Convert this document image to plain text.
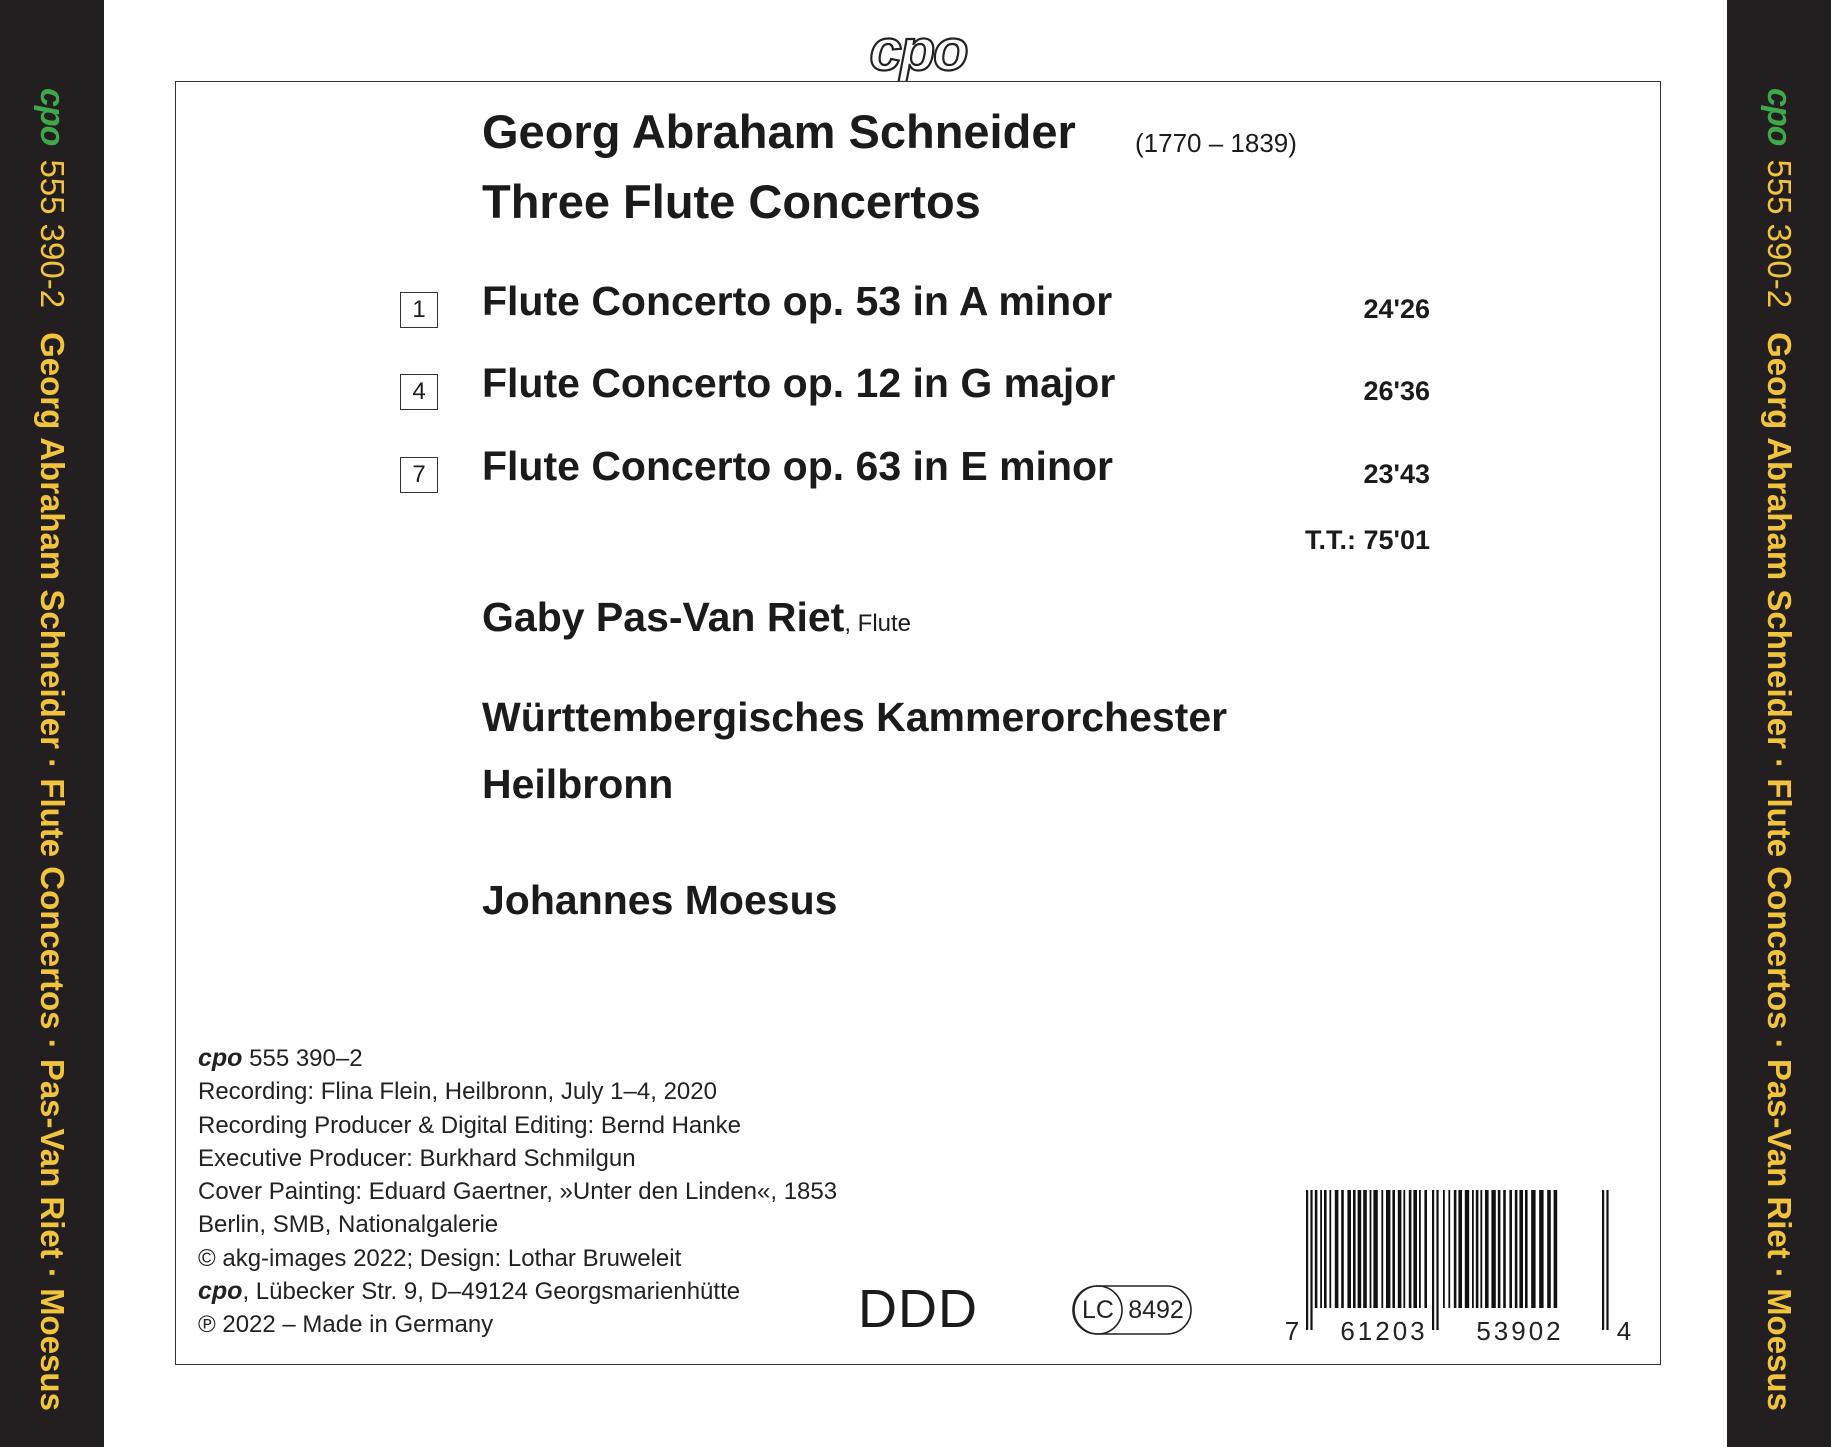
cpo555 390-2Georg Abraham Schneider · Flute Concertos · Pas-Van Riet · Moesus
cpo555 390-2Georg Abraham Schneider · Flute Concertos · Pas-Van Riet · Moesus
cpo
Georg Abraham Schneider (1770 – 1839)
Three Flute Concertos
1	Flute Concerto op. 53 in A minor	24'26
4	Flute Concerto op. 12 in G major	26'36
7	Flute Concerto op. 63 in E minor	23'43
T.T.: 75'01
Gaby Pas-Van Riet, Flute
Württembergisches Kammerorchester
Heilbronn
Johannes Moesus
cpo 555 390–2
Recording: Flina Flein, Heilbronn, July 1–4, 2020
Recording Producer & Digital Editing: Bernd Hanke
Executive Producer: Burkhard Schmilgun
Cover Painting: Eduard Gaertner, »Unter den Linden«, 1853
Berlin, SMB, Nationalgalerie
© akg-images 2022; Design: Lothar Bruweleit
cpo, Lübecker Str. 9, D–49124 Georgsmarienhütte
℗ 2022 – Made in Germany	DDD	LC 8492
7 61203 53902 4
